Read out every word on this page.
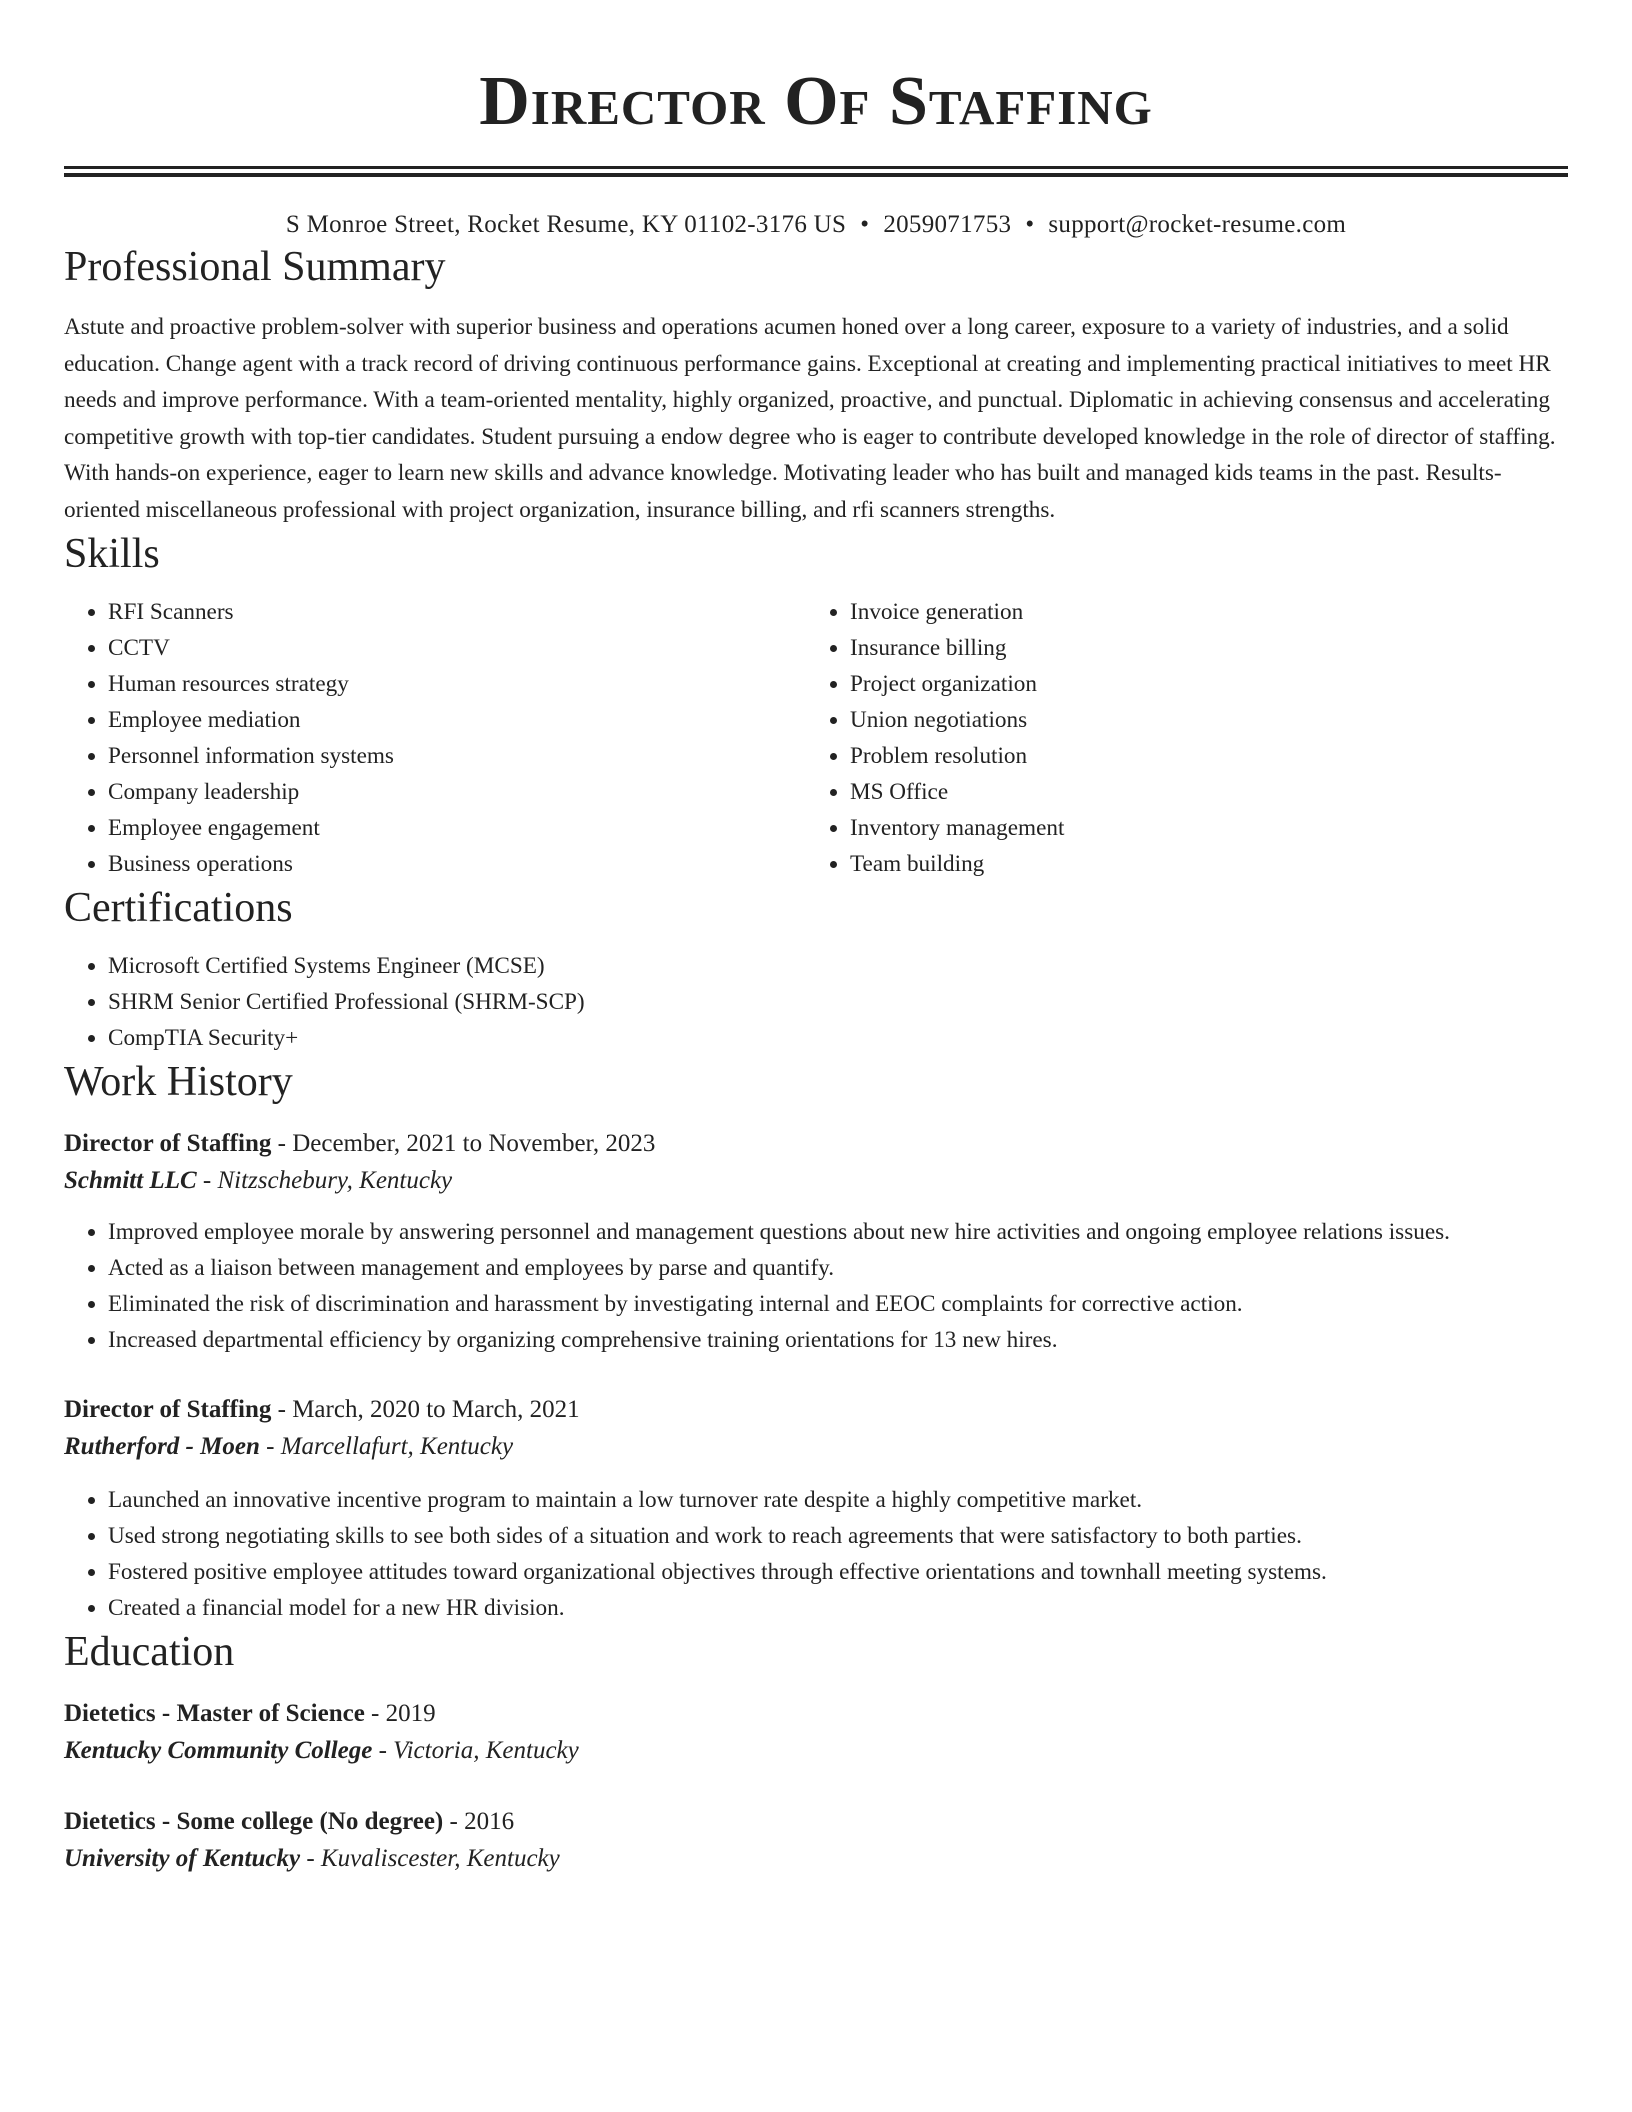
Director Of Staffing
S Monroe Street, Rocket Resume, KY 01102-3176 US • 2059071753 • support@rocket-resume.com
Professional Summary

Astute and proactive problem-solver with superior business and operations acumen honed over a long career, exposure to a variety of industries, and a solid education. Change agent with a track record of driving continuous performance gains. Exceptional at creating and implementing practical initiatives to meet HR needs and improve performance. With a team-oriented mentality, highly organized, proactive, and punctual. Diplomatic in achieving consensus and accelerating competitive growth with top-tier candidates. Student pursuing a endow degree who is eager to contribute developed knowledge in the role of director of staffing. With hands-on experience, eager to learn new skills and advance knowledge. Motivating leader who has built and managed kids teams in the past. Results-oriented miscellaneous professional with project organization, insurance billing, and rfi scanners strengths.

Skills
• RFI Scanners
• CCTV
• Human resources strategy
• Employee mediation
• Personnel information systems
• Company leadership
• Employee engagement
• Business operations
• Invoice generation
• Insurance billing
• Project organization
• Union negotiations
• Problem resolution
• MS Office
• Inventory management
• Team building
Certifications
• Microsoft Certified Systems Engineer (MCSE)
• SHRM Senior Certified Professional (SHRM-SCP)
• CompTIA Security+
Work History
Director of Staffing - December, 2021 to November, 2023
Schmitt LLC - Nitzschebury, Kentucky
• Improved employee morale by answering personnel and management questions about new hire activities and ongoing employee relations issues.
• Acted as a liaison between management and employees by parse and quantify.
• Eliminated the risk of discrimination and harassment by investigating internal and EEOC complaints for corrective action.
• Increased departmental efficiency by organizing comprehensive training orientations for 13 new hires.
Director of Staffing - March, 2020 to March, 2021
Rutherford - Moen - Marcellafurt, Kentucky
• Launched an innovative incentive program to maintain a low turnover rate despite a highly competitive market.
• Used strong negotiating skills to see both sides of a situation and work to reach agreements that were satisfactory to both parties.
• Fostered positive employee attitudes toward organizational objectives through effective orientations and townhall meeting systems.
• Created a financial model for a new HR division.
Education
Dietetics - Master of Science - 2019
Kentucky Community College - Victoria, Kentucky
Dietetics - Some college (No degree) - 2016
University of Kentucky - Kuvaliscester, Kentucky
